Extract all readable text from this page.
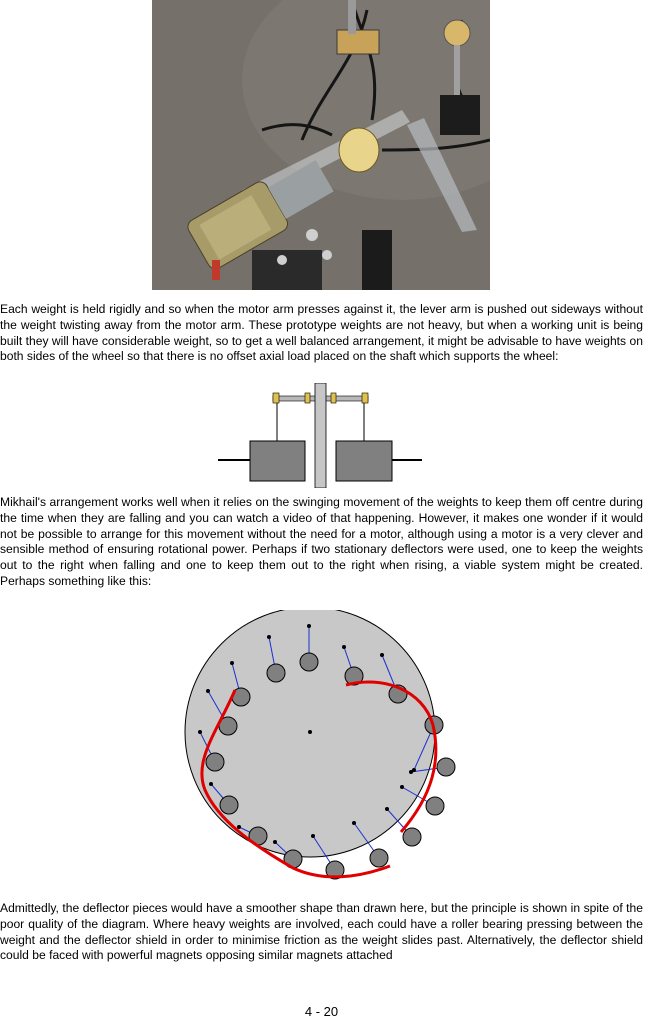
Each weight is held rigidly and so when the motor arm presses against it, the lever arm is pushed out sideways without the weight twisting away from the motor arm. These prototype weights are not heavy, but when a working unit is being built they will have considerable weight, so to get a well balanced arrangement, it might be advisable to have weights on both sides of the wheel so that there is no offset axial load placed on the shaft which supports the wheel:

Mikhail's arrangement works well when it relies on the swinging movement of the weights to keep them off centre during the time when they are falling and you can watch a video of that happening. However, it makes one wonder if it would not be possible to arrange for this movement without the need for a motor, although using a motor is a very clever and sensible method of ensuring rotational power. Perhaps if two stationary deflectors were used, one to keep the weights out to the right when falling and one to keep them out to the right when rising, a viable system might be created. Perhaps something like this:

Admittedly, the deflector pieces would have a smoother shape than drawn here, but the principle is shown in spite of the poor quality of the diagram. Where heavy weights are involved, each could have a roller bearing pressing between the weight and the deflector shield in order to minimise friction as the weight slides past. Alternatively, the deflector shield could be faced with powerful magnets opposing similar magnets attached

4 - 20
